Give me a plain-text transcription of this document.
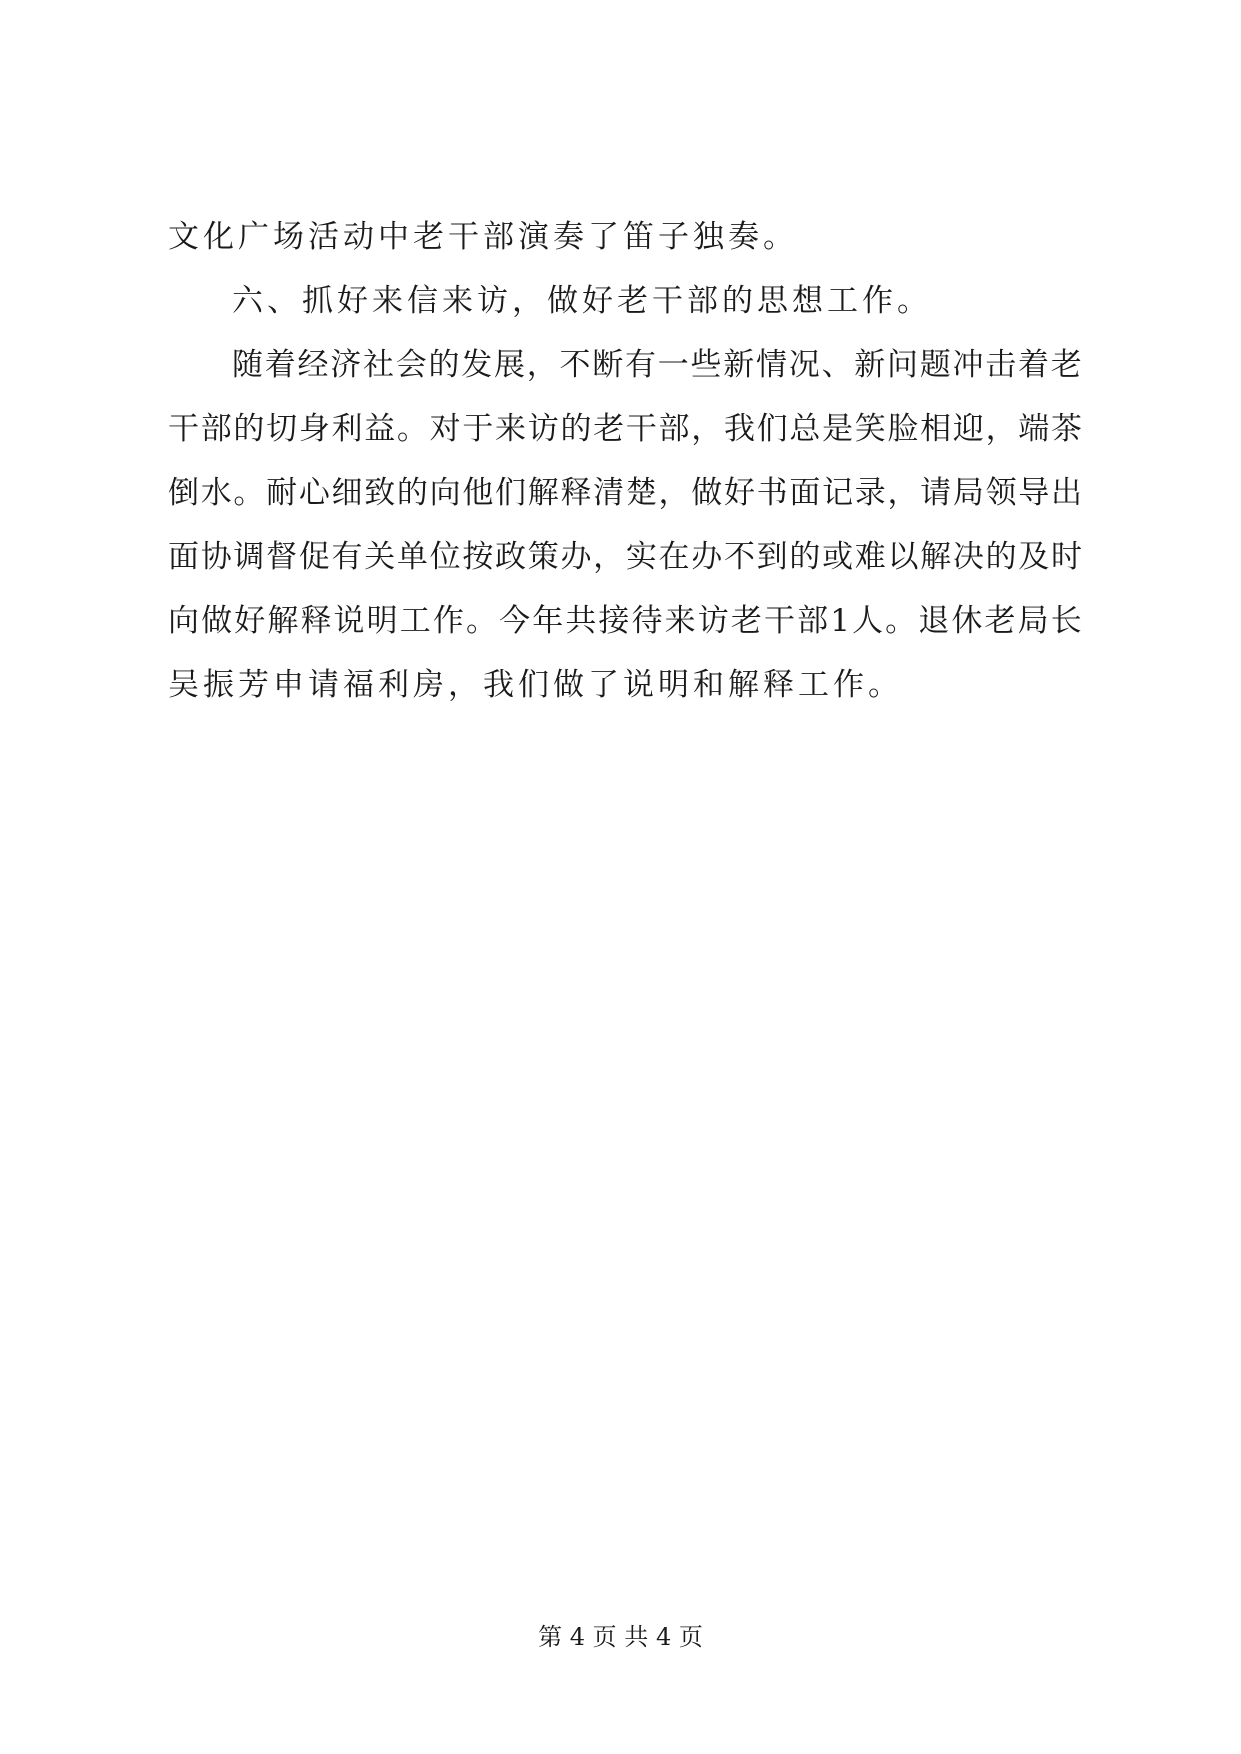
文化广场活动中老干部演奏了笛子独奏。
六、抓好来信来访，做好老干部的思想工作。
随 着 经 济 社 会 的 发 展 ， 不 断 有 一 些 新 情 况 、 新 问 题 冲 击 着 老
干 部 的 切 身 利 益 。 对 于 来 访 的 老 干 部 ， 我 们 总 是 笑 脸 相 迎 ， 端 茶
倒 水 。 耐 心 细 致 的 向 他 们 解 释 清 楚 ， 做 好 书 面 记 录 ， 请 局 领 导 出
面 协 调 督 促 有 关 单 位 按 政 策 办 ， 实 在 办 不 到 的 或 难 以 解 决 的 及 时
向 做 好 解 释 说 明 工 作 。 今 年 共 接 待 来 访 老 干 部 1 人 。 退 休 老 局 长
吴振芳申请福利房，我们做了说明和解释工作。
第 4 页 共 4 页
